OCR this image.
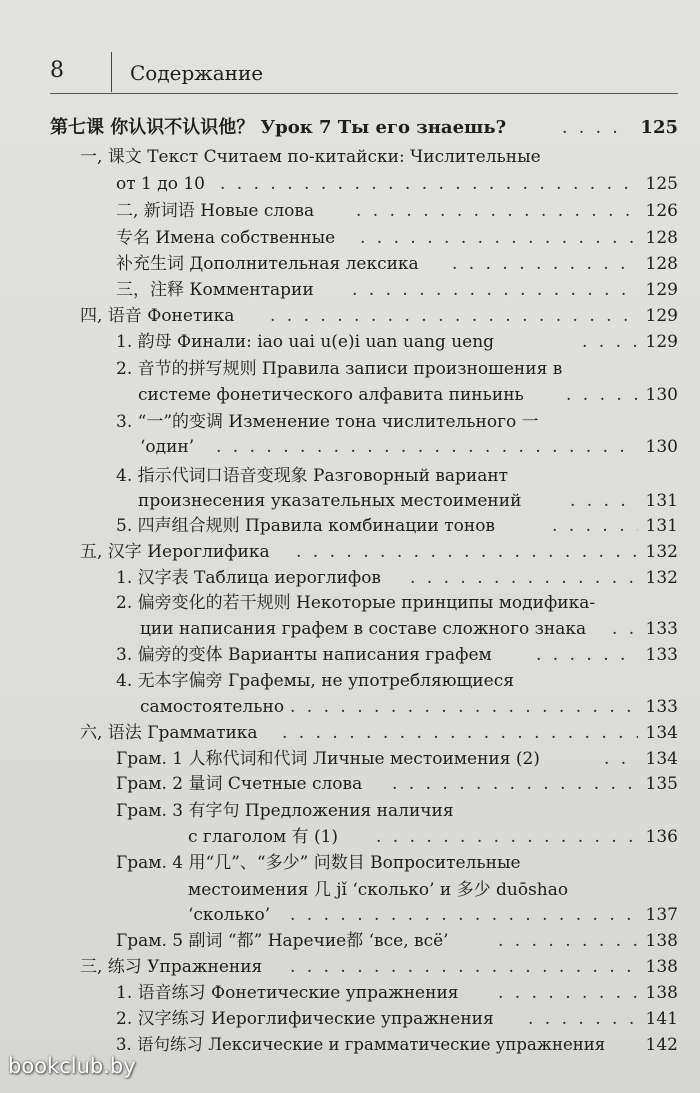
8	Содержание
第七课 你认识不认识他？ Урок 7 Ты его знаешь? . . .	125
一, 课文 Текст Считаем по-китайски: Числительные
от 1 до 10 . . .	125
二, 新词语 Новые слова . . .	126
专名 Имена собственные . . .	128
补充生词 Дополнительная лексика . . .	128
三，注释 Комментарии . . .	129
四, 语音 Фонетика . . .	129
1. 韵母 Финали: iao uai u(e)i uan uang ueng . . .	129
2. 音节的拼写规则 Правила записи произношения в
системе фонетического алфавита пиньинь . . .	130
3. “一”的变调 Изменение тона числительного 一
‘один’ . . .	130
4. 指示代词口语音变现象 Разговорный вариант
произнесения указательных местоимений . . .	131
5. 四声组合规则 Правила комбинации тонов . . .	131
五, 汉字 Иероглифика . . .	132
1. 汉字表 Таблица иероглифов . . .	132
2. 偏旁变化的若干规则 Некоторые принципы модифика-
ции написания графем в составе сложного знака . . .	133
3. 偏旁的变体 Варианты написания графем . . .	133
4. 无本字偏旁 Графемы, не употребляющиеся
самостоятельно . . .	133
六, 语法 Грамматика . . .	134
Грам. 1 人称代词和代词 Личные местоимения (2) . . .	134
Грам. 2 量词 Счетные слова . . .	135
Грам. 3 有字句 Предложения наличия
с глаголом 有 (1) . . .	136
Грам. 4 用“几”、“多少” 问数目 Вопросительные
местоимения 几 jǐ ‘сколько’ и 多少 duōshao
‘сколько’ . . .	137
Грам. 5 副词 “都” Наречие都 ‘все, всё’ . . .	138
三, 练习 Упражнения . . .	138
1. 语音练习 Фонетические упражнения . . .	138
2. 汉字练习 Иероглифические упражнения . . .	141
3. 语句练习 Лексические и грамматические упражнения 142
bookclub.by
